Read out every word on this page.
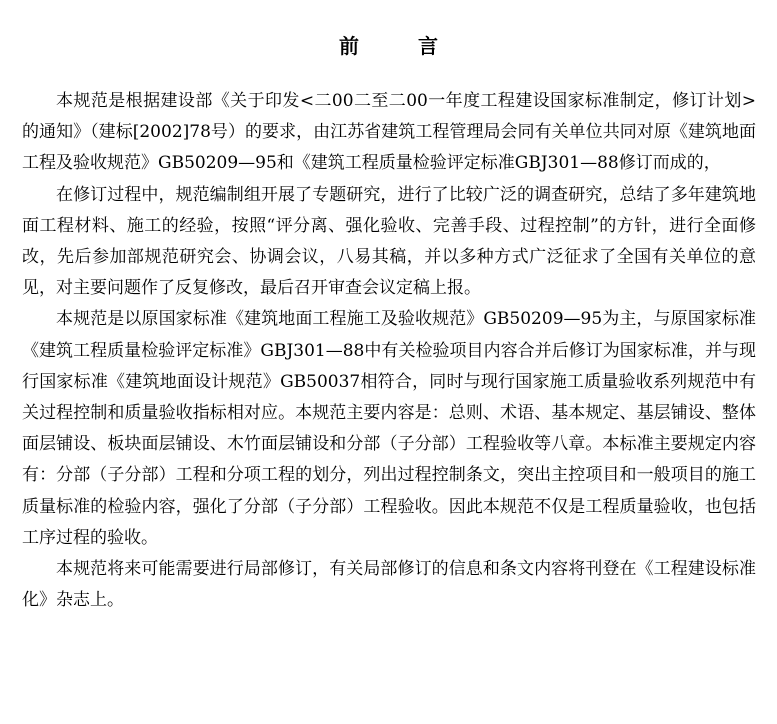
前 言

本规范是根据建设部《关于印发<二00二至二00一年度工程建设国家标准制定，修订计划>的通知》（建标[2002]78号）的要求，由江苏省建筑工程管理局会同有关单位共同对原《建筑地面工程及验收规范》GB50209—95和《建筑工程质量检验评定标准GBJ301—88修订而成的，

在修订过程中，规范编制组开展了专题研究，进行了比较广泛的调查研究，总结了多年建筑地面工程材料、施工的经验，按照“评分离、强化验收、完善手段、过程控制”的方针，进行全面修改，先后参加部规范研究会、协调会议，八易其稿，并以多种方式广泛征求了全国有关单位的意见，对主要问题作了反复修改，最后召开审查会议定稿上报。

本规范是以原国家标准《建筑地面工程施工及验收规范》GB50209—95为主，与原国家标准《建筑工程质量检验评定标准》GBJ301—88中有关检验项目内容合并后修订为国家标准，并与现行国家标准《建筑地面设计规范》GB50037相符合，同时与现行国家施工质量验收系列规范中有关过程控制和质量验收指标相对应。本规范主要内容是：总则、术语、基本规定、基层铺设、整体面层铺设、板块面层铺设、木竹面层铺设和分部（子分部）工程验收等八章。本标准主要规定内容有：分部（子分部）工程和分项工程的划分，列出过程控制条文，突出主控项目和一般项目的施工质量标准的检验内容，强化了分部（子分部）工程验收。因此本规范不仅是工程质量验收，也包括工序过程的验收。

本规范将来可能需要进行局部修订，有关局部修订的信息和条文内容将刊登在《工程建设标准化》杂志上。
